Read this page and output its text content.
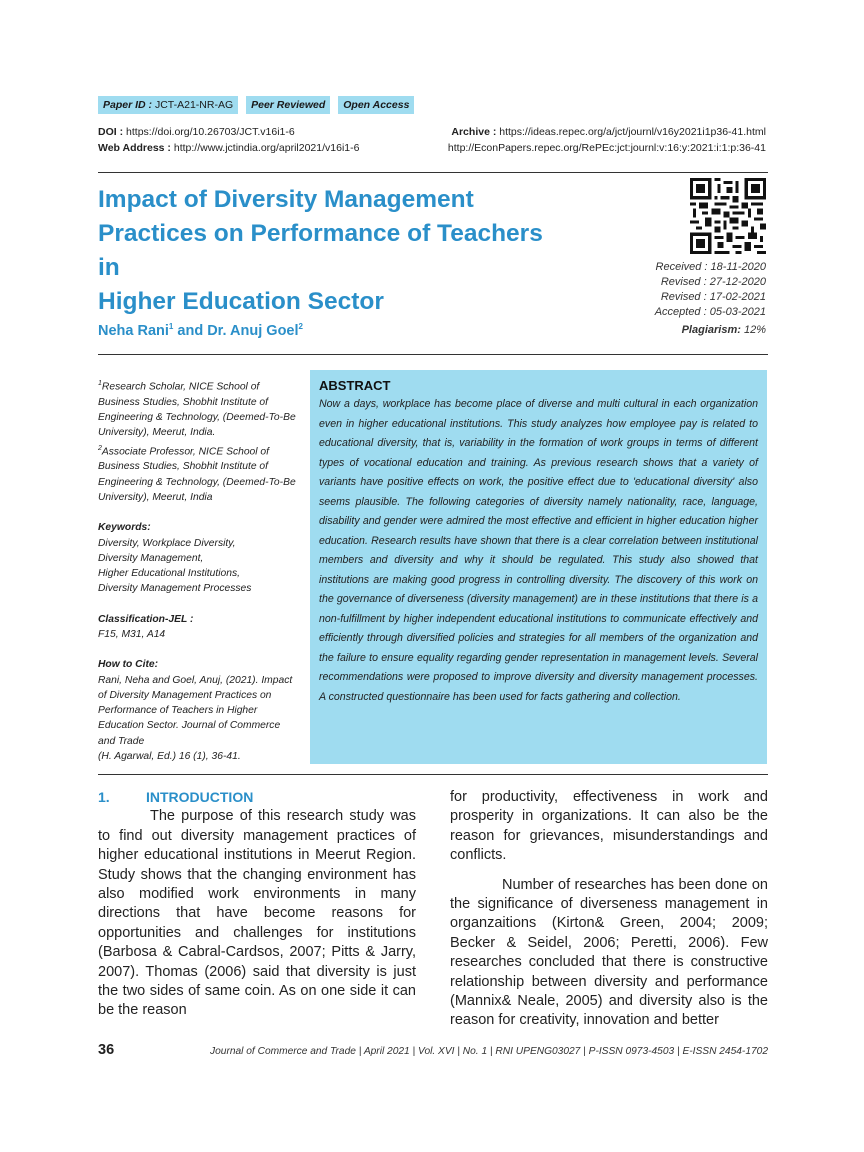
Paper ID : JCT-A21-NR-AG	Peer Reviewed	Open Access
DOI : https://doi.org/10.26703/JCT.v16i1-6
Web Address : http://www.jctindia.org/april2021/v16i1-6
Archive : https://ideas.repec.org/a/jct/journl/v16y2021i1p36-41.html
http://EconPapers.repec.org/RePEc:jct:journl:v:16:y:2021:i:1:p:36-41
Impact of Diversity Management
Practices on Performance of Teachers in
Higher Education Sector
Received : 18-11-2020
Revised : 27-12-2020
Revised : 17-02-2021
Accepted : 05-03-2021
Neha Rani$^1$ and Dr. Anuj Goel$^2$	Plagiarism: 12%

$^1$Research Scholar, NICE School of Business Studies, Shobhit Institute of Engineering & Technology, (Deemed-To-Be University), Meerut, India.

$^2$Associate Professor, NICE School of Business Studies, Shobhit Institute of Engineering & Technology, (Deemed-To-Be University), Meerut, India

Keywords:

Diversity, Workplace Diversity,

Diversity Management,

Higher Educational Institutions,

Diversity Management Processes

Classification-JEL :

F15, M31, A14

How to Cite:

Rani, Neha and Goel, Anuj, (2021). Impact of Diversity Management Practices on Performance of Teachers in Higher Education Sector. Journal of Commerce and Trade

(H. Agarwal, Ed.) 16 (1), 36-41.

ABSTRACT
Now a days, workplace has become place of diverse and multi cultural in each organization even in higher educational institutions. This study analyzes how employee pay is related to educational diversity, that is, variability in the formation of work groups in terms of different types of vocational education and training. As previous research shows that a variety of variants have positive effects on work, the positive effect due to 'educational diversity' also seems plausible. The following categories of diversity namely nationality, race, language, disability and gender were admired the most effective and efficient in higher education higher education. Research results have shown that there is a clear correlation between institutional members and diversity and why it should be regulated. This study also showed that institutions are making good progress in controlling diversity. The discovery of this work on the governance of diverseness (diversity management) are in these institutions that there is a non-fulfillment by higher independent educational institutions to communicate effectively and efficiently through diversified policies and strategies for all members of the organization and the failure to ensure equality regarding gender representation in management levels. Several recommendations were proposed to improve diversity and diversity management processes. A constructed questionnaire has been used for facts gathering and collection.
1.	INTRODUCTION

The purpose of this research study was to find out diversity management practices of higher educational institutions in Meerut Region. Study shows that the changing environment has also modified work environments in many directions that have become reasons for opportunities and challenges for institutions (Barbosa & Cabral-Cardsos, 2007; Pitts & Jarry, 2007). Thomas (2006) said that diversity is just the two sides of same coin. As on one side it can be the reason

for productivity, effectiveness in work and prosperity in organizations. It can also be the reason for grievances, misunderstandings and conflicts.

Number of researches has been done on the significance of diverseness management in organzaitions (Kirton& Green, 2004; 2009; Becker & Seidel, 2006; Peretti, 2006). Few researches concluded that there is constructive relationship between diversity and performance (Mannix& Neale, 2005) and diversity also is the reason for creativity, innovation and better

36	Journal of Commerce and Trade | April 2021 | Vol. XVI | No. 1 | RNI UPENG03027 | P-ISSN 0973-4503 | E-ISSN 2454-1702
